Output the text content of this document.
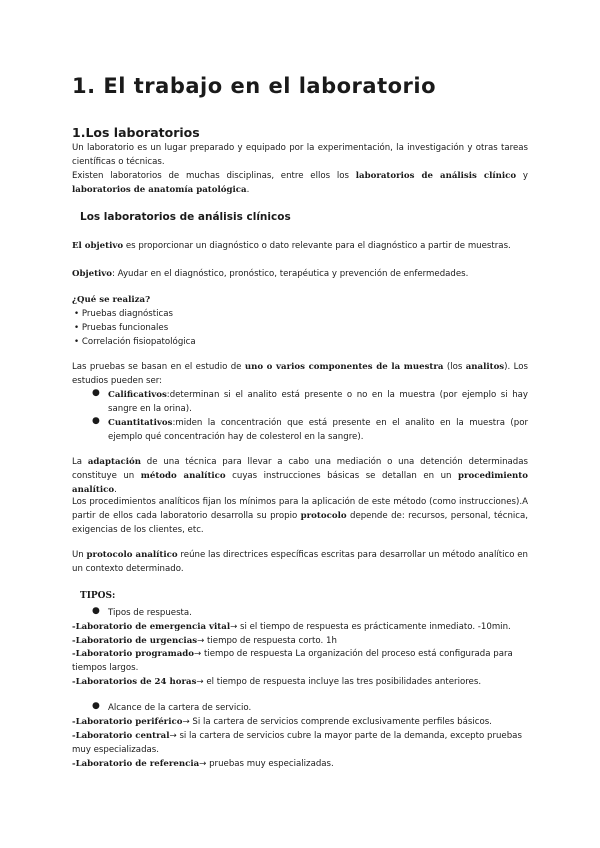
1. El trabajo en el laboratorio
1.Los laboratorios

Un laboratorio es un lugar preparado y equipado por la experimentación, la investigación y otras tareas científicas o técnicas.

Existen laboratorios de muchas disciplinas, entre ellos los laboratorios de análisis clínico y laboratorios de anatomía patológica.

Los laboratorios de análisis clínicos

El objetivo es proporcionar un diagnóstico o dato relevante para el diagnóstico a partir de muestras.

Objetivo: Ayudar en el diagnóstico, pronóstico, terapéutica y prevención de enfermedades.

¿Qué se realiza?

• Pruebas diagnósticas
• Pruebas funcionales
• Correlación fisiopatológica

Las pruebas se basan en el estudio de uno o varios componentes de la muestra (los analitos). Los estudios pueden ser:

● Calificativos:determinan si el analito está presente o no en la muestra (por ejemplo si hay sangre en la orina).

● Cuantitativos:miden la concentración que está presente en el analito en la muestra (por ejemplo qué concentración hay de colesterol en la sangre).

La adaptación de una técnica para llevar a cabo una mediación o una detención determinadas constituye un método analítico cuyas instrucciones básicas se detallan en un procedimiento analítico.

Los procedimientos analíticos fijan los mínimos para la aplicación de este método (como instrucciones).A partir de ellos cada laboratorio desarrolla su propio protocolo depende de: recursos, personal, técnica, exigencias de los clientes, etc.

Un protocolo analítico reúne las directrices específicas escritas para desarrollar un método analítico en un contexto determinado.

TIPOS:

● Tipos de respuesta.

-Laboratorio de emergencia vital→ si el tiempo de respuesta es prácticamente inmediato. -10min.

-Laboratorio de urgencias→ tiempo de respuesta corto. 1h

-Laboratorio programado→ tiempo de respuesta La organización del proceso está configurada para tiempos largos.

-Laboratorios de 24 horas→ el tiempo de respuesta incluye las tres posibilidades anteriores.

● Alcance de la cartera de servicio.

-Laboratorio periférico→ Si la cartera de servicios comprende exclusivamente perfiles básicos.

-Laboratorio central→ si la cartera de servicios cubre la mayor parte de la demanda, excepto pruebas muy especializadas.

-Laboratorio de referencia→ pruebas muy especializadas.
